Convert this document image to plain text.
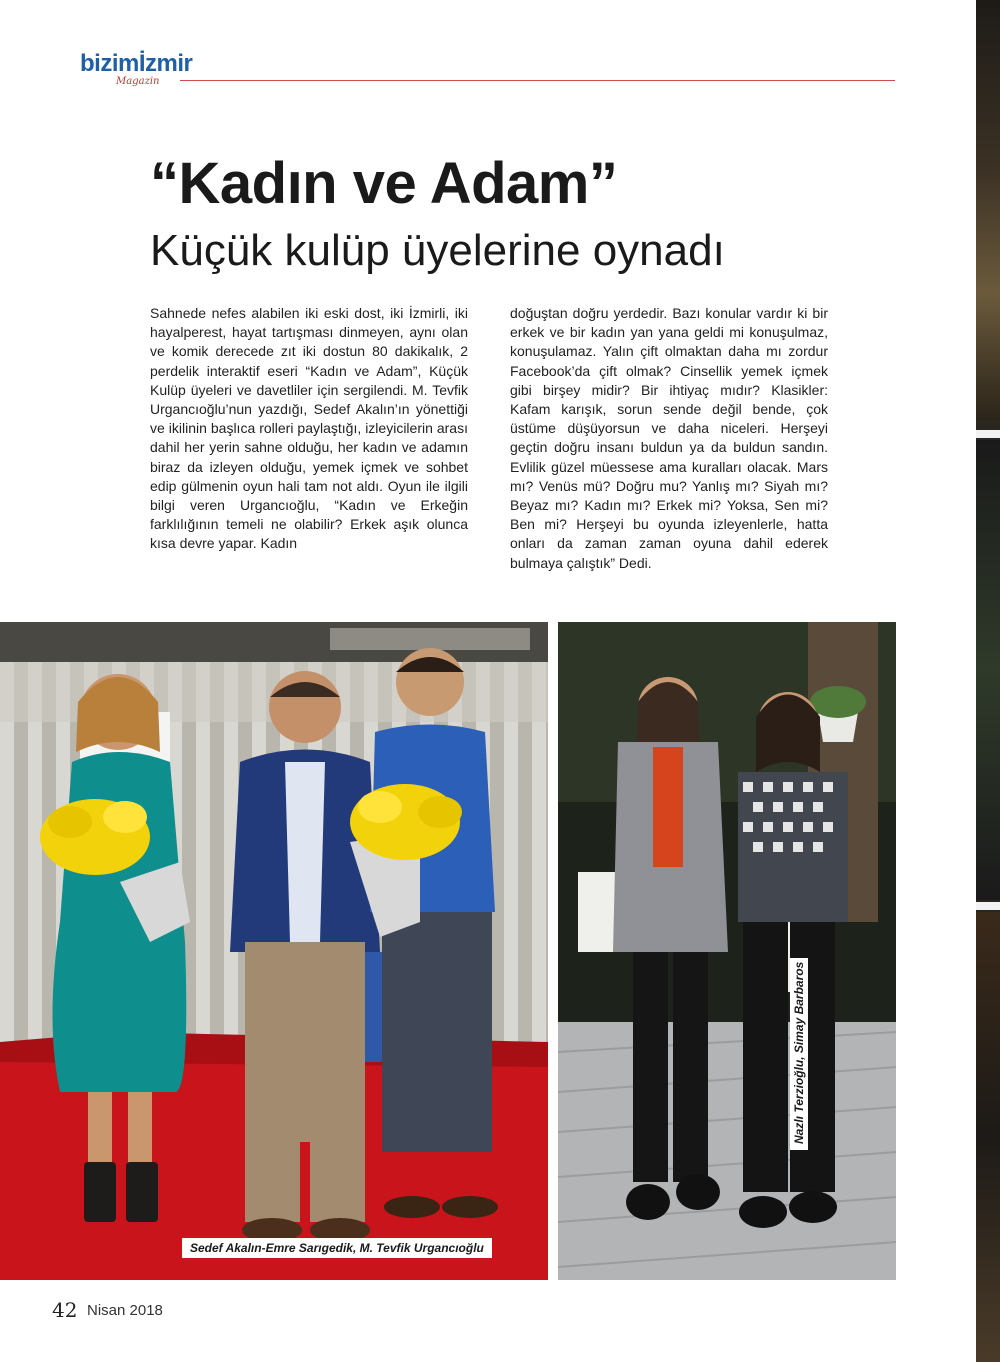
bizimİzmir
Magazin
“Kadın ve Adam”
Küçük kulüp üyelerine oynadı
Sahnede nefes alabilen iki eski dost, iki İzmirli, iki hayalperest, hayat tartışması dinmeyen, aynı olan ve komik derecede zıt iki dostun 80 dakikalık, 2 perdelik interaktif eseri “Kadın ve Adam”, Küçük Kulüp üyeleri ve davetliler için sergilendi. M. Tevfik Urgancıoğlu’nun yazdığı, Sedef Akalın’ın yönettiği ve ikilinin başlıca rolleri paylaştığı, izleyicilerin arası dahil her yerin sahne olduğu, her kadın ve adamın biraz da izleyen olduğu, yemek içmek ve sohbet edip gülmenin oyun hali tam not aldı. Oyun ile ilgili bilgi veren Urgancıoğlu, “Kadın ve Erkeğin farklılığının temeli ne olabilir? Erkek aşık olunca kısa devre yapar. Kadın
doğuştan doğru yerdedir. Bazı konular vardır ki bir erkek ve bir kadın yan yana geldi mi konuşulmaz, konuşulamaz. Yalın çift olmaktan daha mı zordur Facebook’da çift olmak? Cinsellik yemek içmek gibi birşey midir? Bir ihtiyaç mıdır? Klasikler: Kafam karışık, sorun sende değil bende, çok üstüme düşüyorsun ve daha niceleri. Herşeyi geçtin doğru insanı buldun ya da buldun sandın. Evlilik güzel müessese ama kuralları olacak. Mars mı? Venüs mü? Doğru mu? Yanlış mı? Siyah mı? Beyaz mı? Kadın mı? Erkek mi? Yoksa, Sen mi? Ben mi? Herşeyi bu oyunda izleyenlerle, hatta onları da zaman zaman oyuna dahil ederek bulmaya çalıştık” Dedi.
Sedef Akalın-Emre Sarıgedik, M. Tevfik Urgancıoğlu
Nazlı Terzioğlu, Simay Barbaros
42 Nisan 2018
